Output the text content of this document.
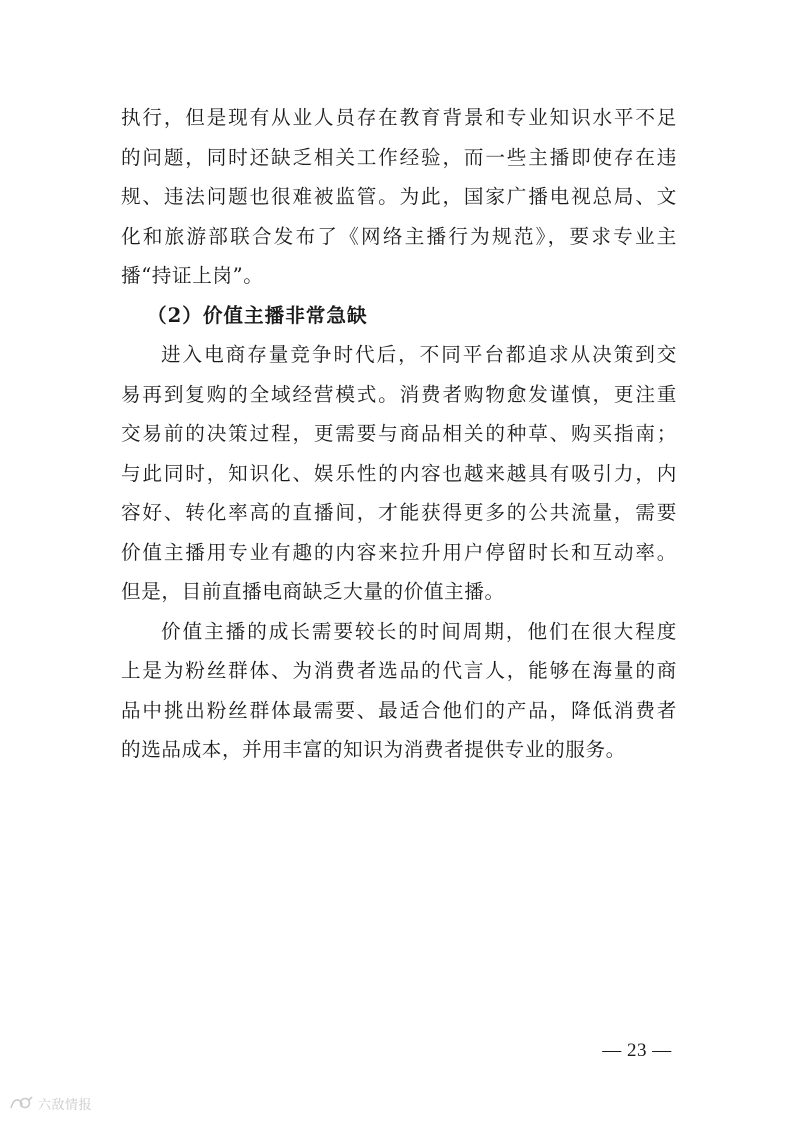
执行，但是现有从业人员存在教育背景和专业知识水平不足
的问题，同时还缺乏相关工作经验，而一些主播即使存在违
规、违法问题也很难被监管。为此，国家广播电视总局、文
化和旅游部联合发布了《网络主播行为规范》，要求专业主
播“持证上岗”。
（2）价值主播非常急缺
进入电商存量竞争时代后，不同平台都追求从决策到交
易再到复购的全域经营模式。消费者购物愈发谨慎，更注重
交易前的决策过程，更需要与商品相关的种草、购买指南；
与此同时，知识化、娱乐性的内容也越来越具有吸引力，内
容好、转化率高的直播间，才能获得更多的公共流量，需要
价值主播用专业有趣的内容来拉升用户停留时长和互动率。
但是，目前直播电商缺乏大量的价值主播。
价值主播的成长需要较长的时间周期，他们在很大程度
上是为粉丝群体、为消费者选品的代言人，能够在海量的商
品中挑出粉丝群体最需要、最适合他们的产品，降低消费者
的选品成本，并用丰富的知识为消费者提供专业的服务。
— 23 —
六敌情报
